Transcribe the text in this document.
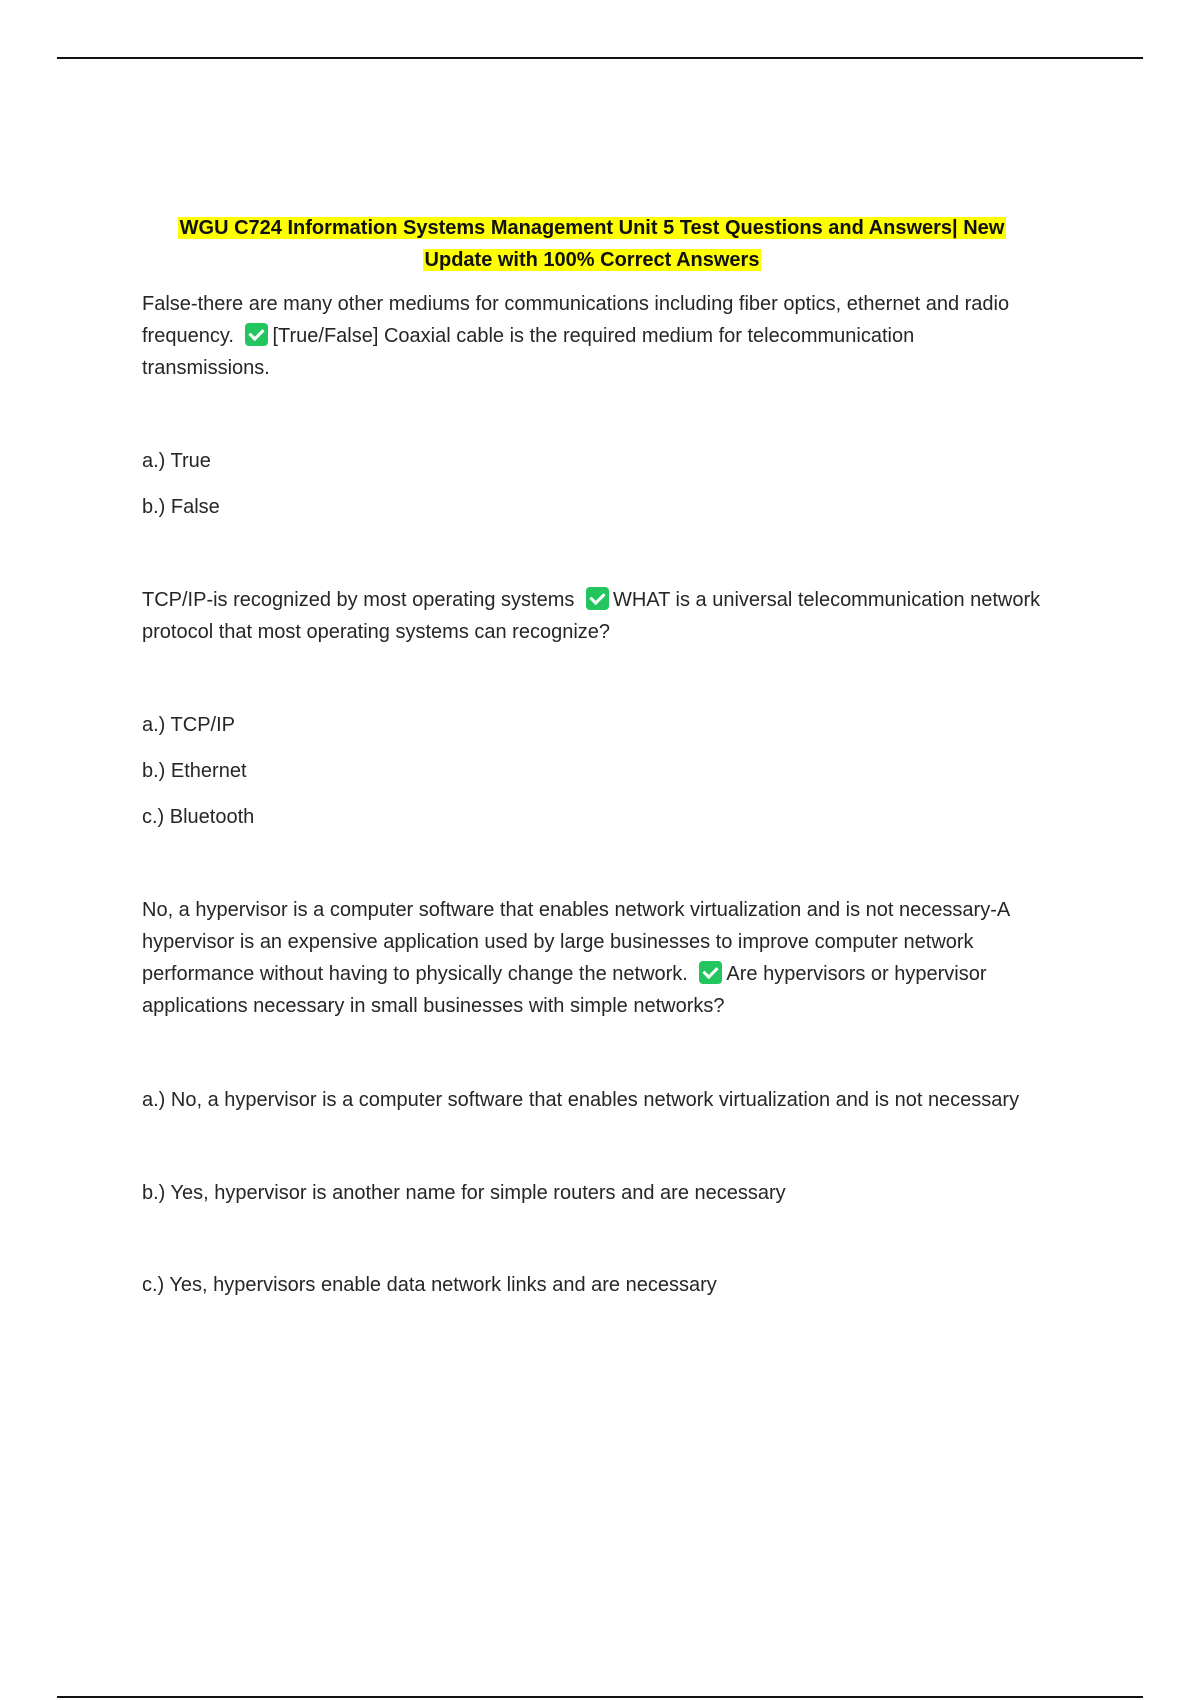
WGU C724 Information Systems Management Unit 5 Test Questions and Answers| New
Update with 100% Correct Answers

False-there are many other mediums for communications including fiber optics, ethernet and radio frequency. [True/False] Coaxial cable is the required medium for telecommunication transmissions.

a.) True

b.) False

TCP/IP-is recognized by most operating systems WHAT is a universal telecommunication network protocol that most operating systems can recognize?

a.) TCP/IP

b.) Ethernet

c.) Bluetooth

No, a hypervisor is a computer software that enables network virtualization and is not necessary-A hypervisor is an expensive application used by large businesses to improve computer network performance without having to physically change the network. Are hypervisors or hypervisor applications necessary in small businesses with simple networks?

a.) No, a hypervisor is a computer software that enables network virtualization and is not necessary

b.) Yes, hypervisor is another name for simple routers and are necessary

c.) Yes, hypervisors enable data network links and are necessary
